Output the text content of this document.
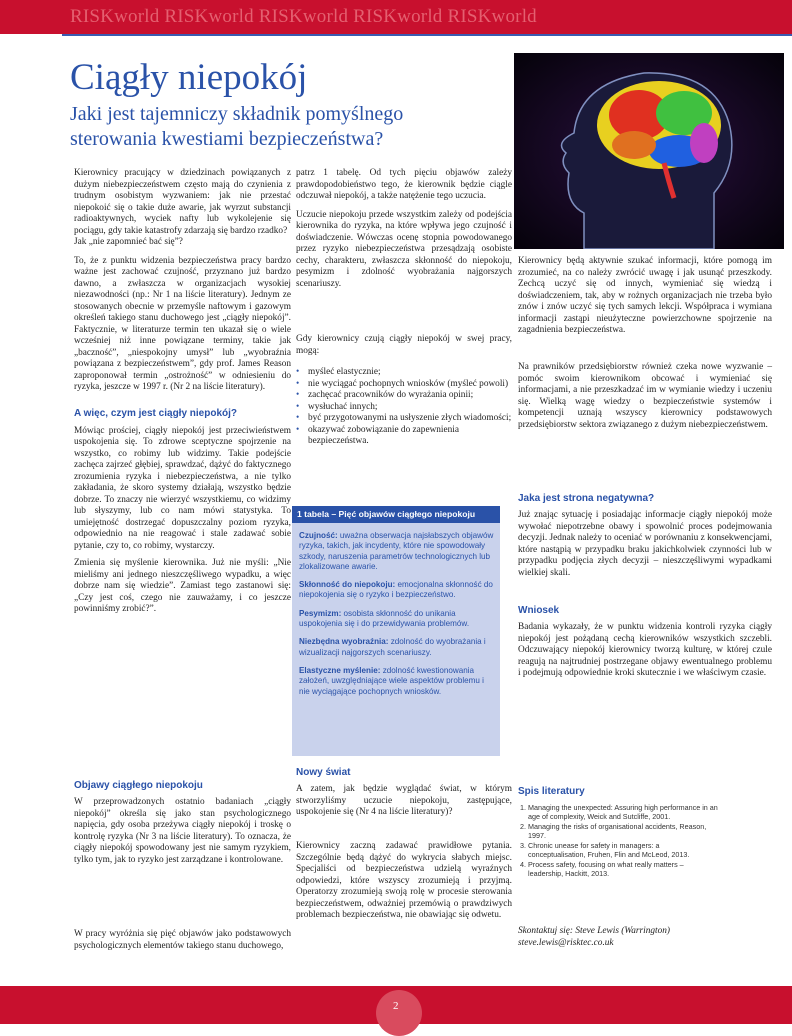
RISKworld RISKworld RISKworld RISKworld RISKworld
Ciągły niepokój
Jaki jest tajemniczy składnik pomyślnego sterowania kwestiami bezpieczeństwa?

Kierownicy pracujący w dziedzinach powiązanych z dużym niebezpieczeństwem często mają do czynienia z trudnym osobistym wyzwaniem: jak nie przestać niepokoić się o takie duże awarie, jak wyrzut substancji radioaktywnych, wyciek nafty lub wykolejenie się pociągu, gdy takie katastrofy zdarzają się bardzo rzadko?

Jak „nie zapomnieć bać się”?

To, że z punktu widzenia bezpieczeństwa pracy bardzo ważne jest zachować czujność, przyznano już bardzo dawno, a zwłaszcza w organizacjach wysokiej niezawodności (np.: Nr 1 na liście literatury). Jednym ze stosowanych obecnie w przemyśle naftowym i gazowym określeń takiego stanu duchowego jest „ciągły niepokój”. Faktycznie, w literaturze termin ten ukazał się o wiele wcześniej niż inne powiązane terminy, takie jak „baczność”, „niespokojny umysł” lub „wyobraźnia powiązana z bezpieczeństwem”, gdy prof. James Reason zaproponował termin „ostrożność” w odniesieniu do ryzyka, jeszcze w 1997 r. (Nr 2 na liście literatury).

A więc, czym jest ciągły niepokój?

Mówiąc prościej, ciągły niepokój jest przeciwieństwem uspokojenia się. To zdrowe sceptyczne spojrzenie na wszystko, co robimy lub widzimy. Takie podejście zachęca zajrzeć głębiej, sprawdzać, dążyć do faktycznego zrozumienia ryzyka i niebezpieczeństwa, a nie tylko zakładania, że skoro systemy działają, wszystko będzie dobrze. To znaczy nie wierzyć wszystkiemu, co widzimy lub słyszymy, lub co nam mówi statystyka. To umiejętność dostrzegać dopuszczalny poziom ryzyka, odpowiednio na nie reagować i stale zadawać sobie pytanie, czy to, co robimy, wystarczy.

Zmienia się myślenie kierownika. Już nie myśli: „Nie mieliśmy ani jednego nieszczęśliwego wypadku, a więc dobrze nam się wiedzie”. Zamiast tego zastanowi się: „Czy jest coś, czego nie zauważamy, i co jeszcze powinniśmy zrobić?”.

Objawy ciągłego niepokoju

W przeprowadzonych ostatnio badaniach „ciągły niepokój” określa się jako stan psychologicznego napięcia, gdy osoba przeżywa ciągły niepokój i troskę o kontrolę ryzyka (Nr 3 na liście literatury). To oznacza, że ciągły niepokój spowodowany jest nie samym ryzykiem, tylko tym, jak to ryzyko jest zarządzane i kontrolowane.

W pracy wyróżnia się pięć objawów jako podstawowych psychologicznych elementów takiego stanu duchowego,

patrz 1 tabelę. Od tych pięciu objawów zależy prawdopodobieństwo tego, że kierownik będzie ciągle odczuwał niepokój, a także natężenie tego uczucia.

Uczucie niepokoju przede wszystkim zależy od podejścia kierownika do ryzyka, na które wpływa jego czujność i doświadczenie. Wówczas ocenę stopnia powodowanego przez ryzyko niebezpieczeństwa przesądzają osobiste cechy, charakteru, zwłaszcza skłonność do niepokoju, pesymizm i zdolność wyobrażania najgorszych scenariuszy.

Gdy kierownicy czują ciągły niepokój w swej pracy, mogą:

• myśleć elastycznie;
• nie wyciągać pochopnych wniosków (myśleć powoli)
• zachęcać pracowników do wyrażania opinii;
• wysłuchać innych;
• być przygotowanymi na usłyszenie złych wiadomości;
• okazywać zobowiązanie do zapewnienia bezpieczeństwa.
1 tabela – Pięć objawów ciągłego niepokoju

Czujność: uważna obserwacja najsłabszych objawów ryzyka, takich, jak incydenty, które nie spowodowały szkody, naruszenia parametrów technologicznych lub zlokalizowane awarie.

Skłonność do niepokoju: emocjonalna skłonność do niepokojenia się o ryzyko i bezpieczeństwo.

Pesymizm: osobista skłonność do unikania uspokojenia się i do przewidywania problemów.

Niezbędna wyobraźnia: zdolność do wyobrażania i wizualizacji najgorszych scenariuszy.

Elastyczne myślenie: zdolność kwestionowania założeń, uwzględniające wiele aspektów problemu i nie wyciągające pochopnych wniosków.

Nowy świat

A zatem, jak będzie wyglądać świat, w którym stworzyliśmy uczucie niepokoju, zastępujące, uspokojenie się (Nr 4 na liście literatury)?

Kierownicy zaczną zadawać prawidłowe pytania. Szczególnie będą dążyć do wykrycia słabych miejsc. Specjaliści od bezpieczeństwa udzielą wyraźnych odpowiedzi, które wszyscy zrozumieją i przyjmą. Operatorzy zrozumieją swoją rolę w procesie sterowania bezpieczeństwem, odważniej przemówią o prawdziwych problemach bezpieczeństwa, nie obawiając się odwetu.

Kierownicy będą aktywnie szukać informacji, które pomogą im zrozumieć, na co należy zwrócić uwagę i jak usunąć przeszkody. Zechcą uczyć się od innych, wymieniać się wiedzą i doświadczeniem, tak, aby w rożnych organizacjach nie trzeba było znów i znów uczyć się tych samych lekcji. Współpraca i wymiana informacji zastąpi nieużyteczne powierzchowne spojrzenie na zagadnienia bezpieczeństwa.

Na prawników przedsiębiorstw również czeka nowe wyzwanie – pomóc swoim kierownikom obcować i wymieniać się informacjami, a nie przeszkadzać im w wymianie wiedzy i uczeniu się. Wielką wagę wiedzy o bezpieczeństwie systemów i kompetencji uznają wszyscy kierownicy podstawowych przedsiębiorstw sektora związanego z dużym niebezpieczeństwem.

Jaka jest strona negatywna?

Już znając sytuację i posiadając informacje ciągły niepokój może wywołać niepotrzebne obawy i spowolnić proces podejmowania decyzji. Jednak należy to oceniać w porównaniu z konsekwencjami, które nastąpią w przypadku braku jakichkolwiek czynności lub w przypadku podjęcia złych decyzji – nieszczęśliwymi wypadkami wielkiej skali.

Wniosek

Badania wykazały, że w punktu widzenia kontroli ryzyka ciągły niepokój jest pożądaną cechą kierowników wszystkich szczebli. Odczuwający niepokój kierownicy tworzą kulturę, w której czule reagują na najtrudniej postrzegane objawy ewentualnego problemu i podejmują odpowiednie kroki skutecznie i we właściwym czasie.

Spis literatury
1. Managing the unexpected: Assuring high performance in an age of complexity, Weick and Sutcliffe, 2001.
2. Managing the risks of organisational accidents, Reason, 1997.
3. Chronic unease for safety in managers: a conceptualisation, Fruhen, Flin and McLeod, 2013.
4. Process safety, focusing on what really matters – leadership, Hackitt, 2013.
Skontaktuj się: Steve Lewis (Warrington)
steve.lewis@risktec.co.uk
2
